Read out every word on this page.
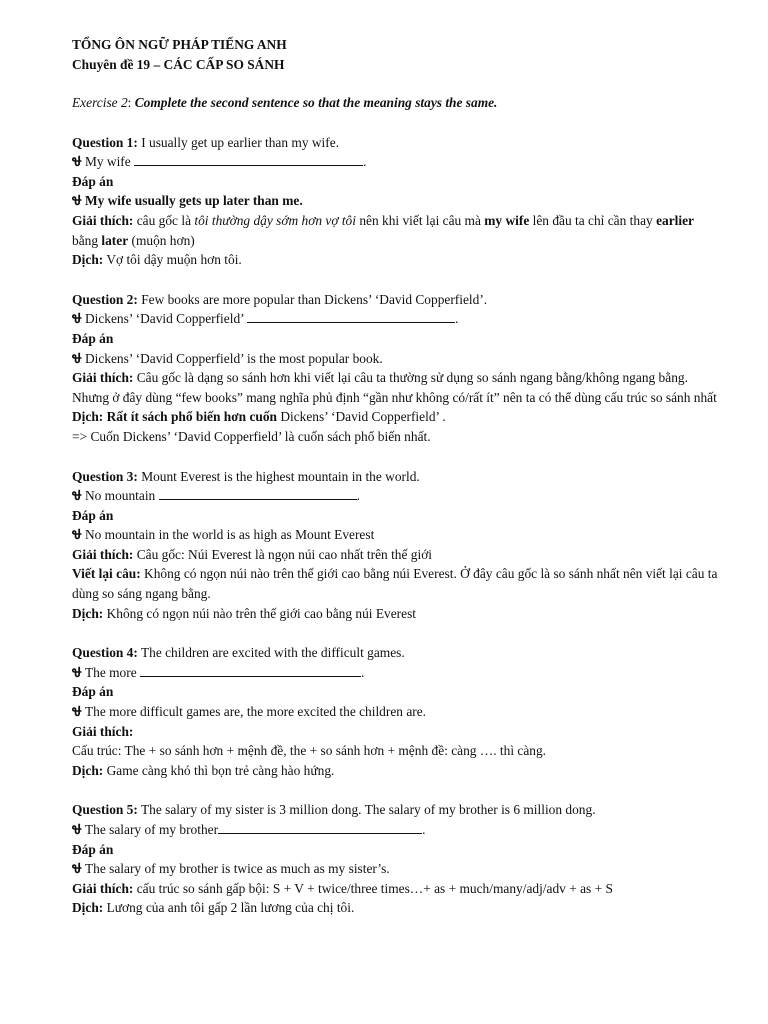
TỔNG ÔN NGỮ PHÁP TIẾNG ANH
Chuyên đề 19 – CÁC CẤP SO SÁNH
Exercise 2: Complete the second sentence so that the meaning stays the same.
Question 1: I usually get up earlier than my wife.
Ꮰ My wife	.
Đáp án
Ꮰ My wife usually gets up later than me.
Giải thích: câu gốc là tôi thường dậy sớm hơn vợ tôi nên khi viết lại câu mà my wife lên đầu ta chỉ cần thay earlier bằng later (muộn hơn)
Dịch: Vợ tôi dậy muộn hơn tôi.
Question 2: Few books are more popular than Dickens’ ‘David Copperfield’.
Ꮰ Dickens’ ‘David Copperfield’	.
Đáp án
Ꮰ Dickens’ ‘David Copperfield’ is the most popular book.
Giải thích: Câu gốc là dạng so sánh hơn khi viết lại câu ta thường sử dụng so sánh ngang bằng/không ngang bằng. Nhưng ở đây dùng “few books” mang nghĩa phủ định “gần như không có/rất ít” nên ta có thể dùng cấu trúc so sánh nhất
Dịch: Rất ít sách phổ biến hơn cuốn Dickens’ ‘David Copperfield’ .
=> Cuốn Dickens’ ‘David Copperfield’ là cuốn sách phổ biến nhất.
Question 3: Mount Everest is the highest mountain in the world.
Ꮰ No mountain	.
Đáp án
Ꮰ No mountain in the world is as high as Mount Everest
Giải thích: Câu gốc: Núi Everest là ngọn núi cao nhất trên thế giới
Viết lại câu: Không có ngọn núi nào trên thế giới cao bằng núi Everest. Ở đây câu gốc là so sánh nhất nên viết lại câu ta dùng so sáng ngang bằng.
Dịch: Không có ngọn núi nào trên thế giới cao bằng núi Everest
Question 4: The children are excited with the difficult games.
Ꮰ The more	.
Đáp án
Ꮰ The more difficult games are, the more excited the children are.
Giải thích:
Cấu trúc: The + so sánh hơn + mệnh đề, the + so sánh hơn + mệnh đề: càng …. thì càng.
Dịch: Game càng khó thì bọn trẻ càng hào hứng.
Question 5: The salary of my sister is 3 million dong. The salary of my brother is 6 million dong.
Ꮰ The salary of my brother	.
Đáp án
Ꮰ The salary of my brother is twice as much as my sister’s.
Giải thích: cấu trúc so sánh gấp bội: S + V + twice/three times…+ as + much/many/adj/adv + as + S
Dịch: Lương của anh tôi gấp 2 lần lương của chị tôi.
